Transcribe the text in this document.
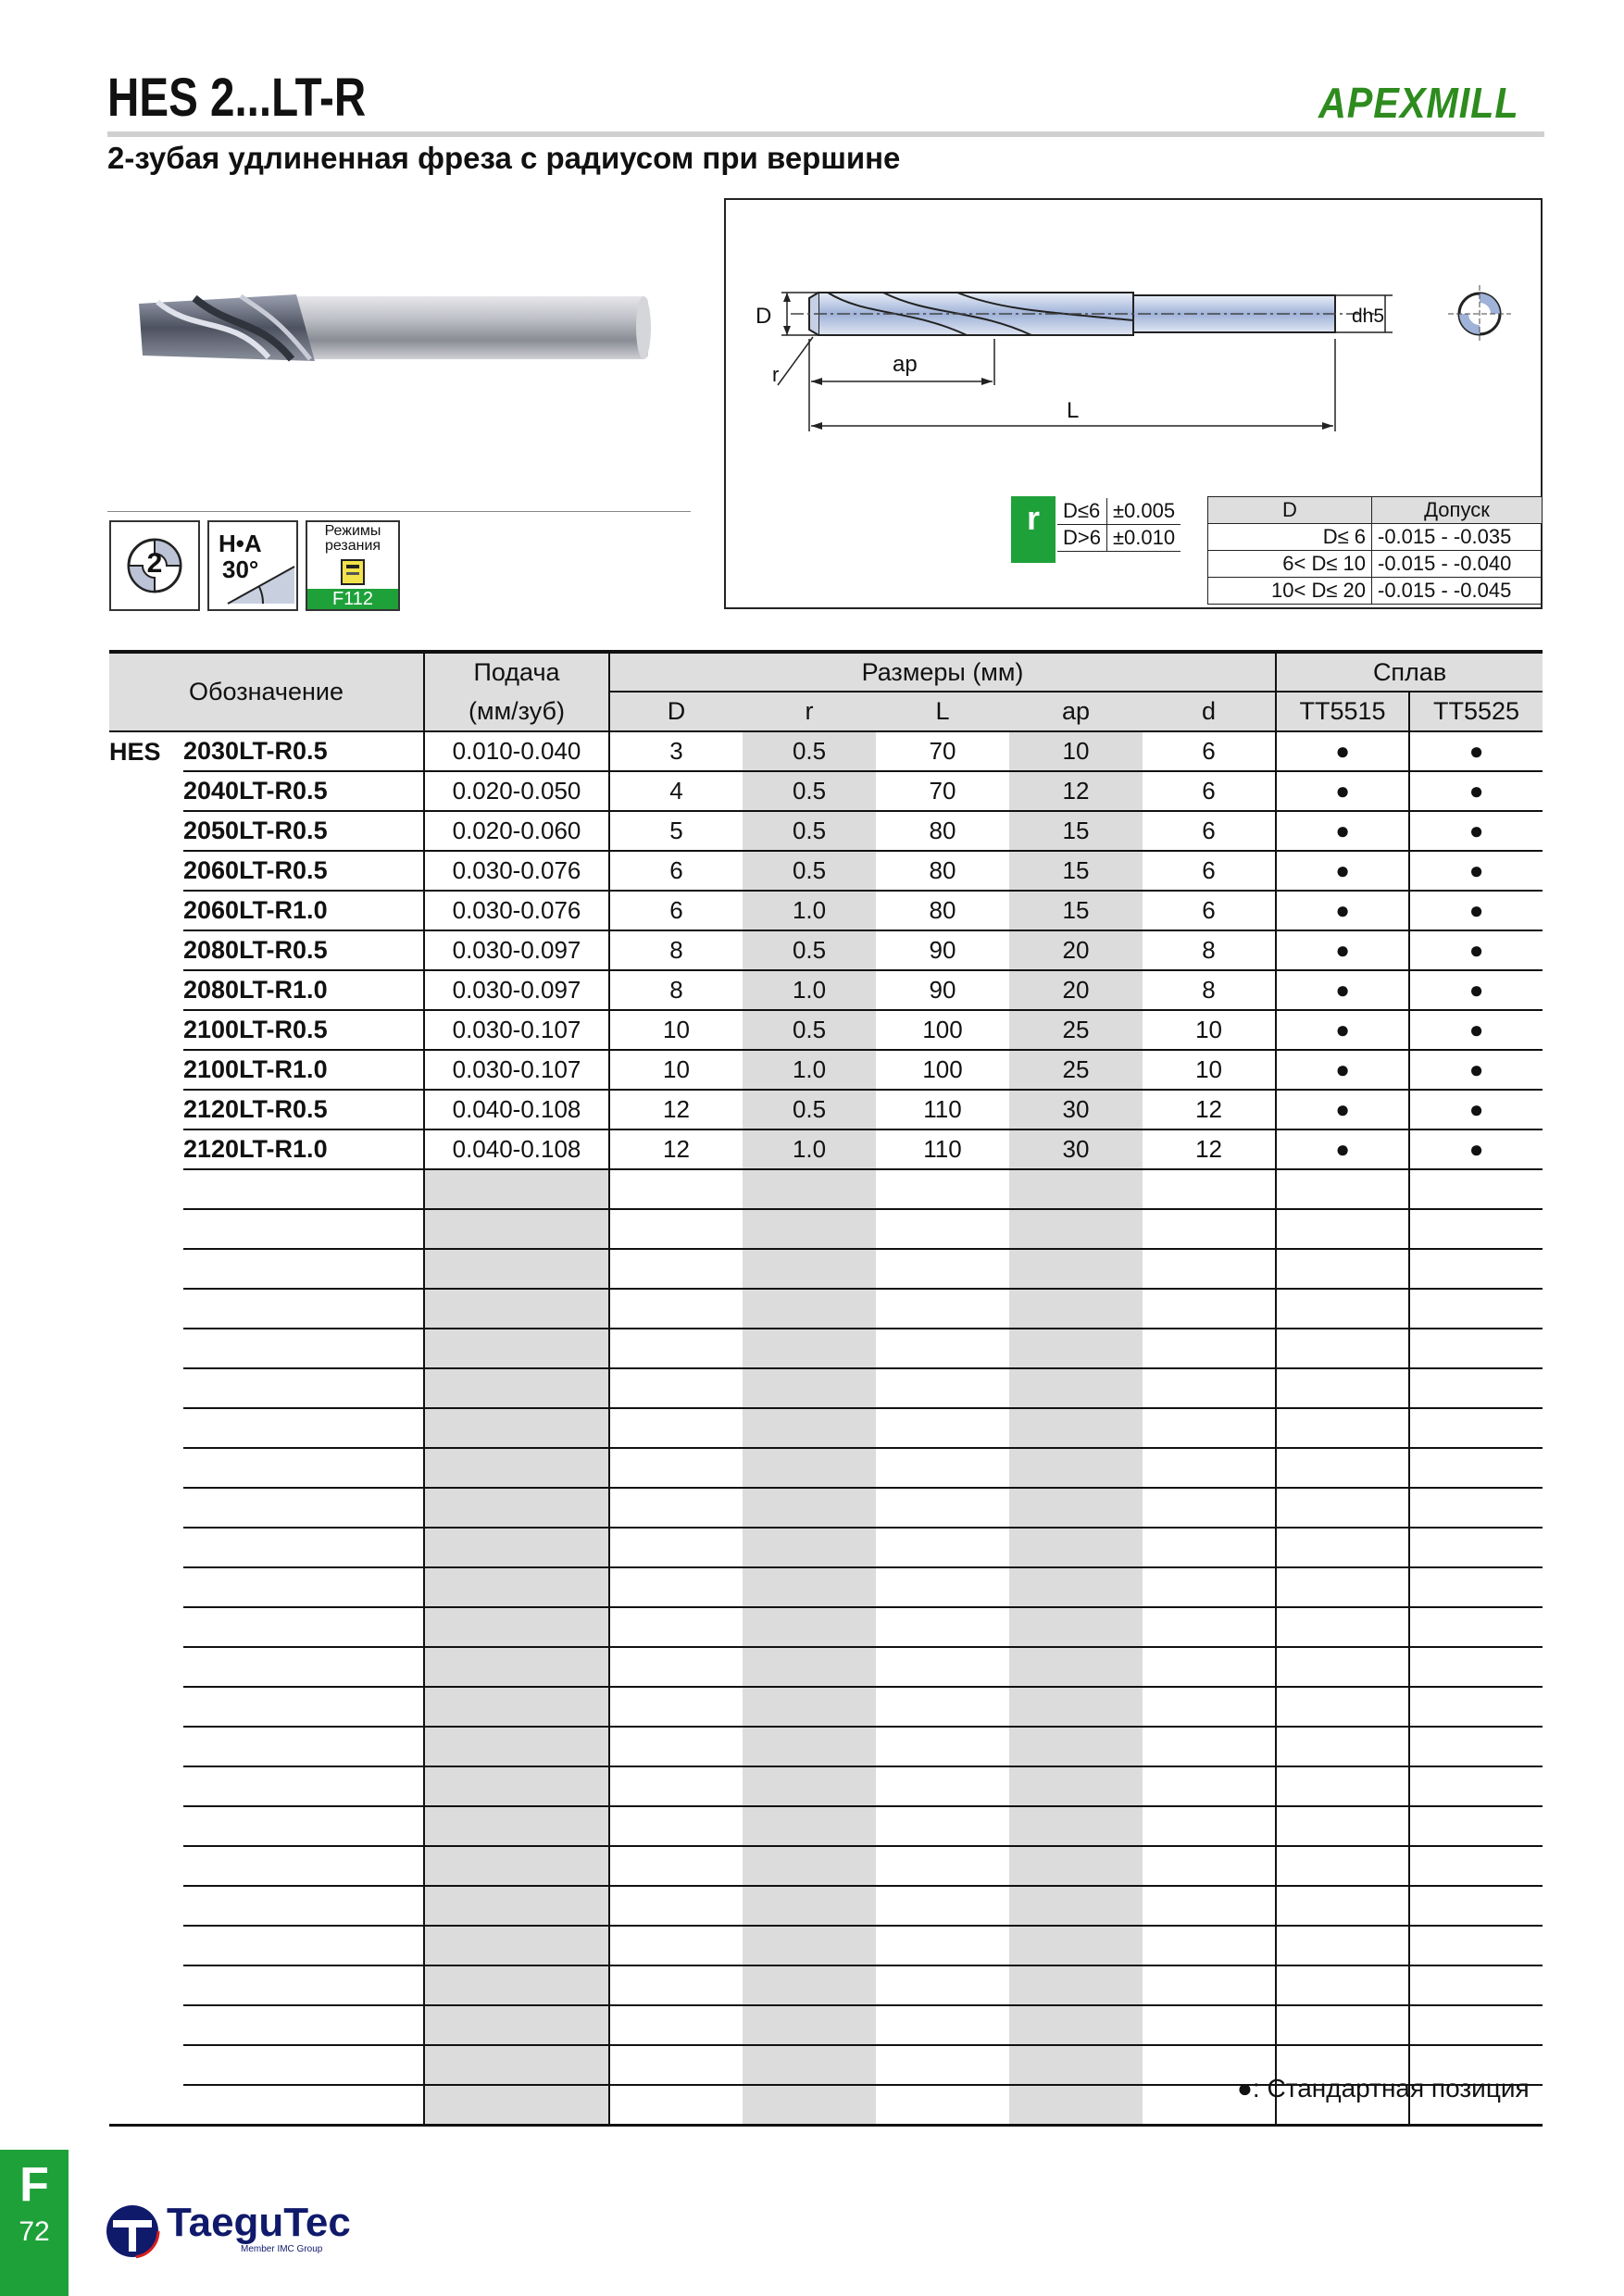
HES 2...LT-R	APEXMILL
2-зубая удлиненная фреза с радиусом при вершине
2
H•A
30°
Режимы резания
F112
D	dh5
r	ap
L
r	D≤6	±0.005
D>6	±0.010
D	Допуск
D≤ 6	-0.015 - -0.035
6< D≤ 10	-0.015 - -0.040
10< D≤ 20	-0.015 - -0.045
Обозначение		Подача	Размеры (мм)					Сплав	
		(мм/зуб)	D	r	L	ap	d	TT5515	TT5525
HES	2030LT-R0.5	0.010-0.040	3	0.5	70	10	6	●	●
	2040LT-R0.5	0.020-0.050	4	0.5	70	12	6	●	●
	2050LT-R0.5	0.020-0.060	5	0.5	80	15	6	●	●
	2060LT-R0.5	0.030-0.076	6	0.5	80	15	6	●	●
	2060LT-R1.0	0.030-0.076	6	1.0	80	15	6	●	●
	2080LT-R0.5	0.030-0.097	8	0.5	90	20	8	●	●
	2080LT-R1.0	0.030-0.097	8	1.0	90	20	8	●	●
	2100LT-R0.5	0.030-0.107	10	0.5	100	25	10	●	●
	2100LT-R1.0	0.030-0.107	10	1.0	100	25	10	●	●
	2120LT-R0.5	0.040-0.108	12	0.5	110	30	12	●	●
	2120LT-R1.0	0.040-0.108	12	1.0	110	30	12	●	●

●: Стандартная позиция
F
72	TaeguTec
Member IMC Group
